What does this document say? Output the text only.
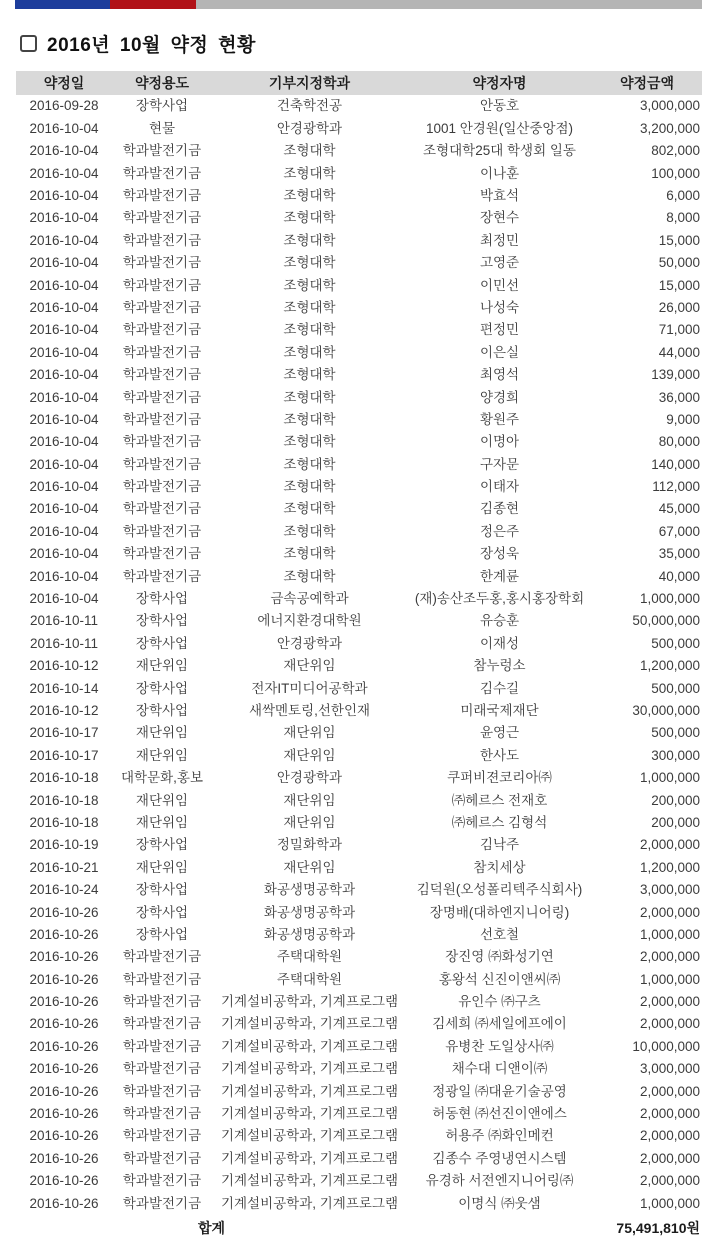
2016년 10월 약정 현황
약정일	약정용도	기부지정학과	약정자명	약정금액
2016-09-28	장학사업	건축학전공	안동호	3,000,000
2016-10-04	현물	안경광학과	1001 안경원(일산중앙점)	3,200,000
2016-10-04	학과발전기금	조형대학	조형대학25대 학생회 일동	802,000
2016-10-04	학과발전기금	조형대학	이나훈	100,000
2016-10-04	학과발전기금	조형대학	박효석	6,000
2016-10-04	학과발전기금	조형대학	장현수	8,000
2016-10-04	학과발전기금	조형대학	최정민	15,000
2016-10-04	학과발전기금	조형대학	고영준	50,000
2016-10-04	학과발전기금	조형대학	이민선	15,000
2016-10-04	학과발전기금	조형대학	나성숙	26,000
2016-10-04	학과발전기금	조형대학	편정민	71,000
2016-10-04	학과발전기금	조형대학	이은실	44,000
2016-10-04	학과발전기금	조형대학	최영석	139,000
2016-10-04	학과발전기금	조형대학	양경희	36,000
2016-10-04	학과발전기금	조형대학	황원주	9,000
2016-10-04	학과발전기금	조형대학	이명아	80,000
2016-10-04	학과발전기금	조형대학	구자문	140,000
2016-10-04	학과발전기금	조형대학	이태자	112,000
2016-10-04	학과발전기금	조형대학	김종현	45,000
2016-10-04	학과발전기금	조형대학	정은주	67,000
2016-10-04	학과발전기금	조형대학	장성욱	35,000
2016-10-04	학과발전기금	조형대학	한계륜	40,000
2016-10-04	장학사업	금속공예학과	(재)송산조두홍,홍시홍장학회	1,000,000
2016-10-11	장학사업	에너지환경대학원	유승훈	50,000,000
2016-10-11	장학사업	안경광학과	이재성	500,000
2016-10-12	재단위임	재단위임	참누렁소	1,200,000
2016-10-14	장학사업	전자IT미디어공학과	김수길	500,000
2016-10-12	장학사업	새싹멘토링,선한인재	미래국제재단	30,000,000
2016-10-17	재단위임	재단위임	윤영근	500,000
2016-10-17	재단위임	재단위임	한사도	300,000
2016-10-18	대학문화,홍보	안경광학과	쿠퍼비젼코리아㈜	1,000,000
2016-10-18	재단위임	재단위임	㈜헤르스 전재호	200,000
2016-10-18	재단위임	재단위임	㈜헤르스 김형석	200,000
2016-10-19	장학사업	정밀화학과	김낙주	2,000,000
2016-10-21	재단위임	재단위임	참치세상	1,200,000
2016-10-24	장학사업	화공생명공학과	김덕원(오성폴리텍주식회사)	3,000,000
2016-10-26	장학사업	화공생명공학과	장명배(대하엔지니어링)	2,000,000
2016-10-26	장학사업	화공생명공학과	선호철	1,000,000
2016-10-26	학과발전기금	주택대학원	장진영 ㈜화성기연	2,000,000
2016-10-26	학과발전기금	주택대학원	홍왕석 신진이앤씨㈜	1,000,000
2016-10-26	학과발전기금	기계설비공학과, 기계프로그램	유인수 ㈜구츠	2,000,000
2016-10-26	학과발전기금	기계설비공학과, 기계프로그램	김세희 ㈜세일에프에이	2,000,000
2016-10-26	학과발전기금	기계설비공학과, 기계프로그램	유병찬 도일상사㈜	10,000,000
2016-10-26	학과발전기금	기계설비공학과, 기계프로그램	채수대 디앤이㈜	3,000,000
2016-10-26	학과발전기금	기계설비공학과, 기계프로그램	정광일 ㈜대윤기술공영	2,000,000
2016-10-26	학과발전기금	기계설비공학과, 기계프로그램	허동현 ㈜선진이앤에스	2,000,000
2016-10-26	학과발전기금	기계설비공학과, 기계프로그램	허용주 ㈜화인메컨	2,000,000
2016-10-26	학과발전기금	기계설비공학과, 기계프로그램	김종수 주영냉연시스템	2,000,000
2016-10-26	학과발전기금	기계설비공학과, 기계프로그램	유경하 서전엔지니어링㈜	2,000,000
2016-10-26	학과발전기금	기계설비공학과, 기계프로그램	이명식 ㈜웃샘	1,000,000
합계				75,491,810원
